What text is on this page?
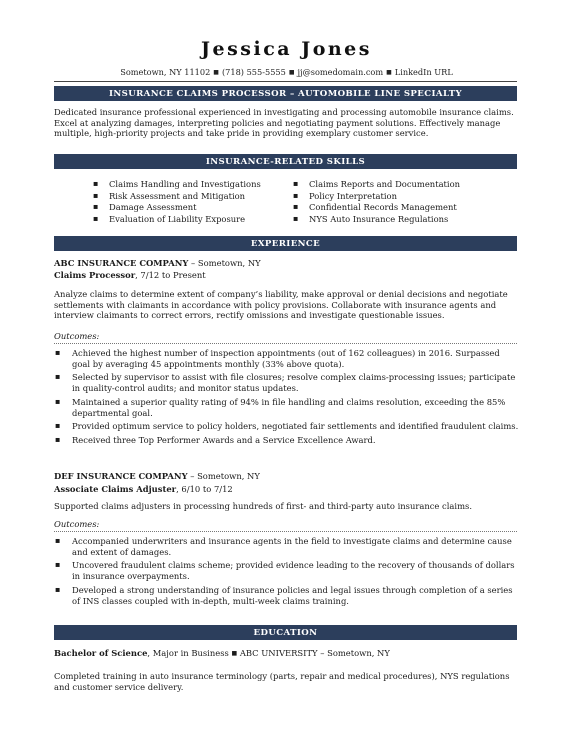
Jessica Jones
Sometown, NY 11102 ■ (718) 555-5555 ■ jj@somedomain.com ■ LinkedIn URL
INSURANCE CLAIMS PROCESSOR – AUTOMOBILE LINE SPECIALTY
Dedicated insurance professional experienced in investigating and processing automobile insurance claims. Excel at analyzing damages, interpreting policies and negotiating payment solutions. Effectively manage multiple, high-priority projects and take pride in providing exemplary customer service.
INSURANCE-RELATED SKILLS
▪ Claims Handling and Investigations
▪ Risk Assessment and Mitigation
▪ Damage Assessment
▪ Evaluation of Liability Exposure
▪ Claims Reports and Documentation
▪ Policy Interpretation
▪ Confidential Records Management
▪ NYS Auto Insurance Regulations
EXPERIENCE
ABC INSURANCE COMPANY – Sometown, NY
Claims Processor, 7/12 to Present
Analyze claims to determine extent of company’s liability, make approval or denial decisions and negotiate settlements with claimants in accordance with policy provisions. Collaborate with insurance agents and interview claimants to correct errors, rectify omissions and investigate questionable issues.
Outcomes:
▪ Achieved the highest number of inspection appointments (out of 162 colleagues) in 2016. Surpassed goal by averaging 45 appointments monthly (33% above quota).
▪ Selected by supervisor to assist with file closures; resolve complex claims-processing issues; participate in quality-control audits; and monitor status updates.
▪ Maintained a superior quality rating of 94% in file handling and claims resolution, exceeding the 85% departmental goal.
▪ Provided optimum service to policy holders, negotiated fair settlements and identified fraudulent claims.
▪ Received three Top Performer Awards and a Service Excellence Award.
DEF INSURANCE COMPANY – Sometown, NY
Associate Claims Adjuster, 6/10 to 7/12
Supported claims adjusters in processing hundreds of first- and third-party auto insurance claims.
Outcomes:
▪ Accompanied underwriters and insurance agents in the field to investigate claims and determine cause and extent of damages.
▪ Uncovered fraudulent claims scheme; provided evidence leading to the recovery of thousands of dollars in insurance overpayments.
▪ Developed a strong understanding of insurance policies and legal issues through completion of a series of INS classes coupled with in-depth, multi-week claims training.
EDUCATION
Bachelor of Science, Major in Business ■ ABC UNIVERSITY – Sometown, NY
Completed training in auto insurance terminology (parts, repair and medical procedures), NYS regulations and customer service delivery.
